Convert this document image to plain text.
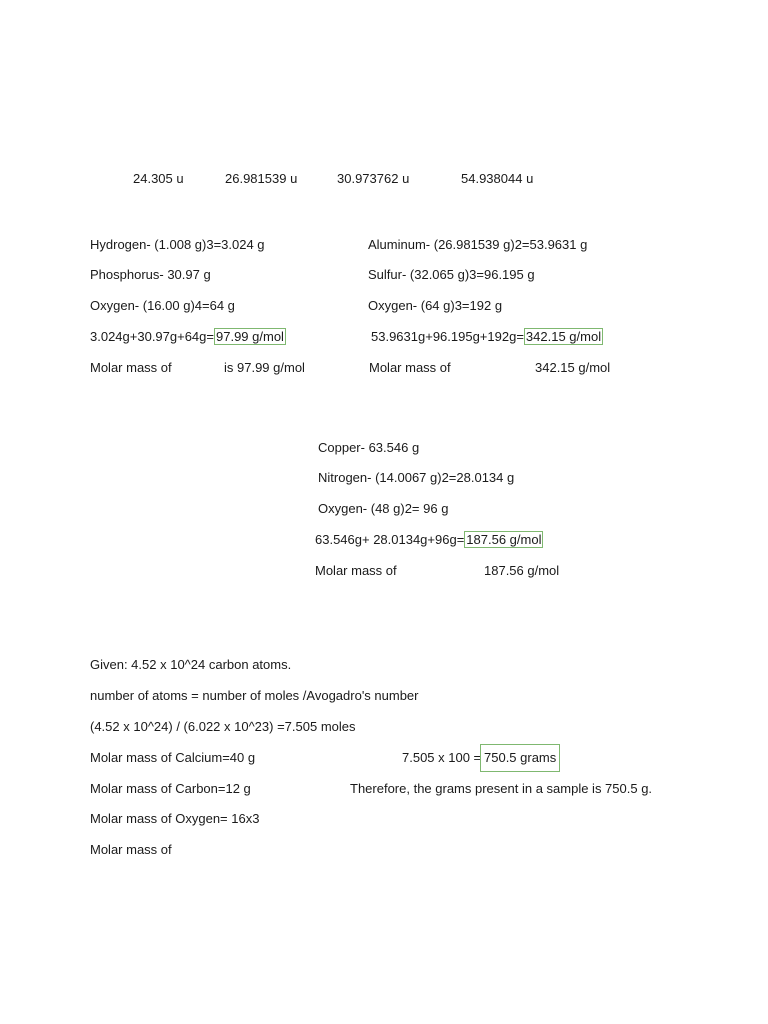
24.305 u	26.981539 u	30.973762 u	54.938044 u
Hydrogen- (1.008 g)3=3.024 g
Phosphorus- 30.97 g
Oxygen- (16.00 g)4=64 g
3.024g+30.97g+64g= 97.99 g/mol
Molar mass of	is 97.99 g/mol
Aluminum- (26.981539 g)2=53.9631 g
Sulfur- (32.065 g)3=96.195 g
Oxygen- (64 g)3=192 g
53.9631g+96.195g+192g= 342.15 g/mol
Molar mass of	342.15 g/mol
Copper- 63.546 g
Nitrogen- (14.0067 g)2=28.0134 g
Oxygen- (48 g)2= 96 g
63.546g+ 28.0134g+96g= 187.56 g/mol
Molar mass of	187.56 g/mol
Given: 4.52 x 10^24 carbon atoms.
number of atoms = number of moles /Avogadro's number
(4.52 x 10^24) / (6.022 x 10^23) =7.505 moles
Molar mass of Calcium=40 g
Molar mass of Carbon=12 g
Molar mass of Oxygen= 16x3
Molar mass of
7.505 x 100 = 750.5 grams
Therefore, the grams present in a sample is 750.5 g.
